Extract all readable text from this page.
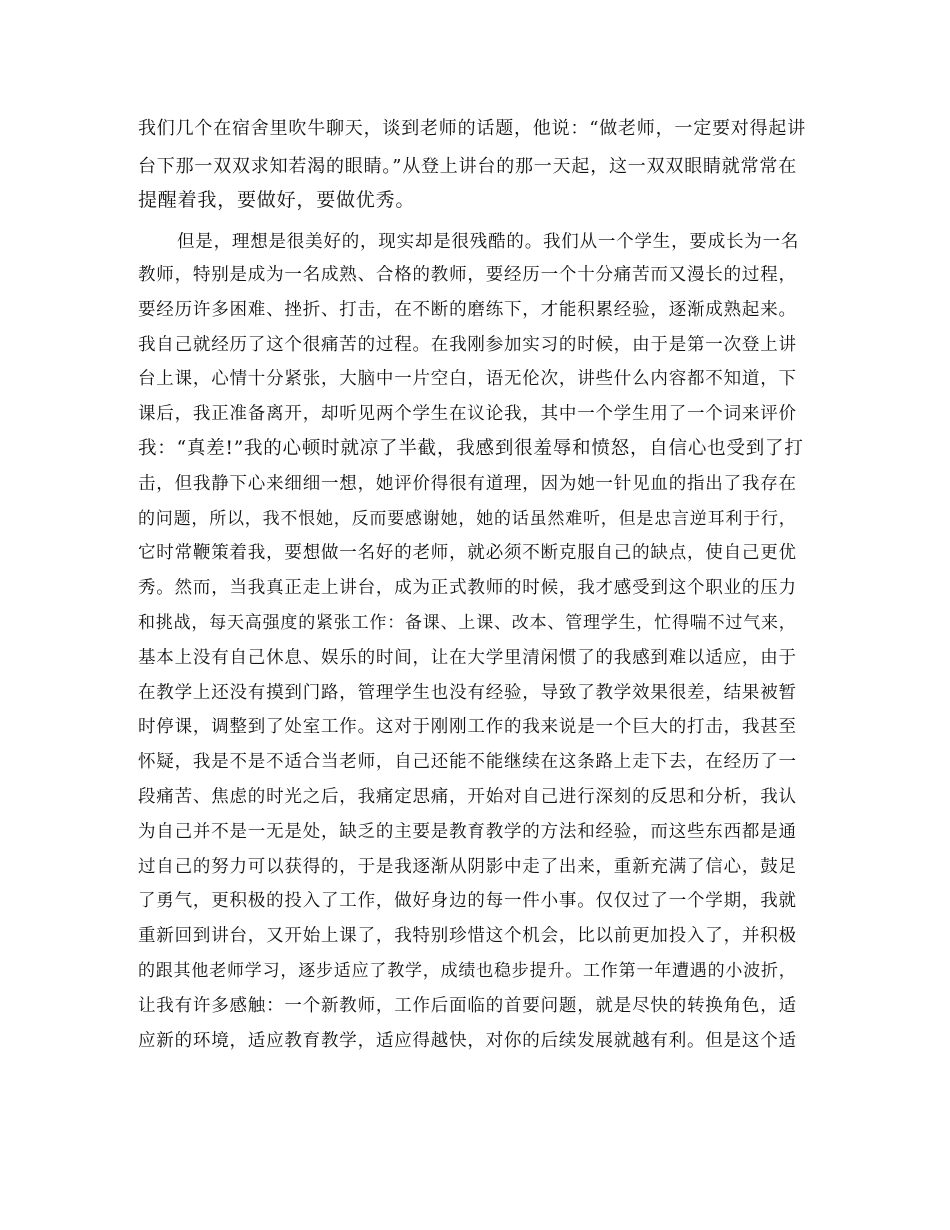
我们几个在宿舍里吹牛聊天，谈到老师的话题，他说：“做老师，一定要对得起讲
台下那一双双求知若渴的眼睛。”从登上讲台的那一天起，这一双双眼睛就常常在
提醒着我，要做好，要做优秀。
但是，理想是很美好的，现实却是很残酷的。我们从一个学生，要成长为一名
教师，特别是成为一名成熟、合格的教师，要经历一个十分痛苦而又漫长的过程，
要经历许多困难、挫折、打击，在不断的磨练下，才能积累经验，逐渐成熟起来。
我自己就经历了这个很痛苦的过程。在我刚参加实习的时候，由于是第一次登上讲
台上课，心情十分紧张，大脑中一片空白，语无伦次，讲些什么内容都不知道，下
课后，我正准备离开，却听见两个学生在议论我，其中一个学生用了一个词来评价
我：“真差!”我的心顿时就凉了半截，我感到很羞辱和愤怒，自信心也受到了打
击，但我静下心来细细一想，她评价得很有道理，因为她一针见血的指出了我存在
的问题，所以，我不恨她，反而要感谢她，她的话虽然难听，但是忠言逆耳利于行，
它时常鞭策着我，要想做一名好的老师，就必须不断克服自己的缺点，使自己更优
秀。然而，当我真正走上讲台，成为正式教师的时候，我才感受到这个职业的压力
和挑战，每天高强度的紧张工作：备课、上课、改本、管理学生，忙得喘不过气来，
基本上没有自己休息、娱乐的时间，让在大学里清闲惯了的我感到难以适应，由于
在教学上还没有摸到门路，管理学生也没有经验，导致了教学效果很差，结果被暂
时停课，调整到了处室工作。这对于刚刚工作的我来说是一个巨大的打击，我甚至
怀疑，我是不是不适合当老师，自己还能不能继续在这条路上走下去，在经历了一
段痛苦、焦虑的时光之后，我痛定思痛，开始对自己进行深刻的反思和分析，我认
为自己并不是一无是处，缺乏的主要是教育教学的方法和经验，而这些东西都是通
过自己的努力可以获得的，于是我逐渐从阴影中走了出来，重新充满了信心，鼓足
了勇气，更积极的投入了工作，做好身边的每一件小事。仅仅过了一个学期，我就
重新回到讲台，又开始上课了，我特别珍惜这个机会，比以前更加投入了，并积极
的跟其他老师学习，逐步适应了教学，成绩也稳步提升。工作第一年遭遇的小波折，
让我有许多感触：一个新教师，工作后面临的首要问题，就是尽快的转换角色，适
应新的环境，适应教育教学，适应得越快，对你的后续发展就越有利。但是这个适
